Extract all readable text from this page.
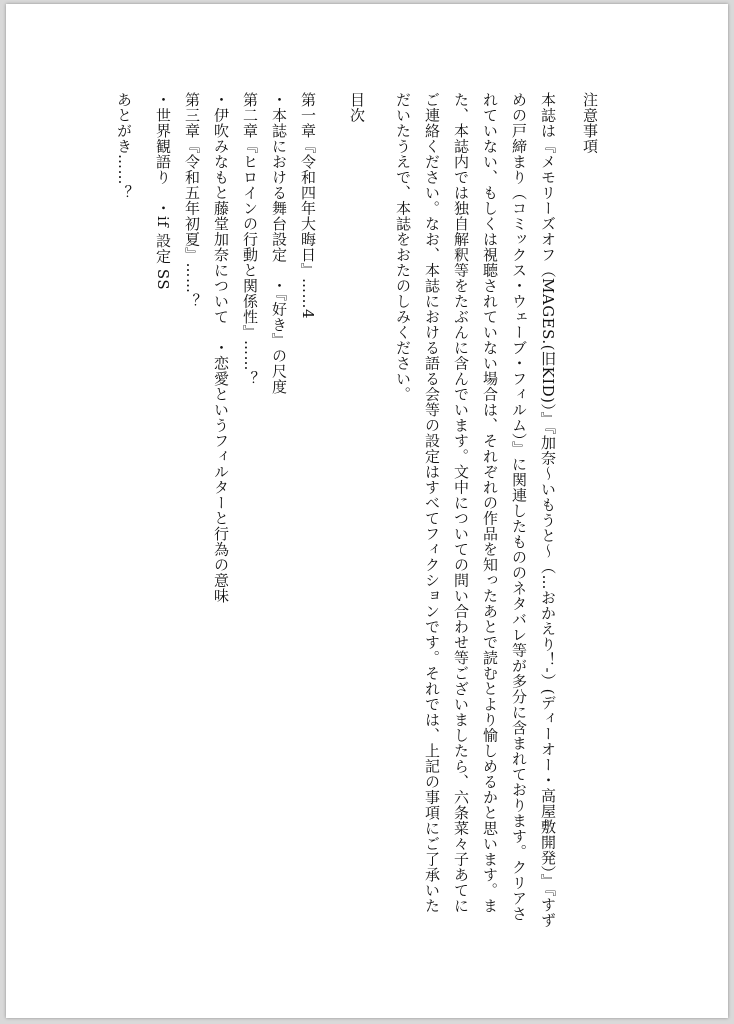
注意事項
本誌は『メモリーズオフ（MAGES.(旧KID)）』『加奈～いもうと～（…おかえり！-）(ディーオー・高屋敷開発）』『すず
めの戸締まり（コミックス・ウェーブ・フィルム）』に関連したもののネタバレ等が多分に含まれております。クリアさ
れていない、もしくは視聴されていない場合は、それぞれの作品を知ったあとで読むとより愉しめるかと思います。ま
た、本誌内では独自解釈等をたぶんに含んでいます。文中についての問い合わせ等ございましたら、六条菜々子あてに
ご連絡ください。なお、本誌における語る会等の設定はすべてフィクションです。それでは、上記の事項にご了承いた
だいたうえで、本誌をおたのしみください。
目次
第一章『令和四年大晦日』……4
・本誌における舞台設定　・『好き』の尺度
第二章『ヒロインの行動と関係性』……？
・伊吹みなもと藤堂加奈について　・恋愛というフィルターと行為の意味
第三章『令和五年初夏』……？
・世界観語り　・if 設定 SS
あとがき……？
